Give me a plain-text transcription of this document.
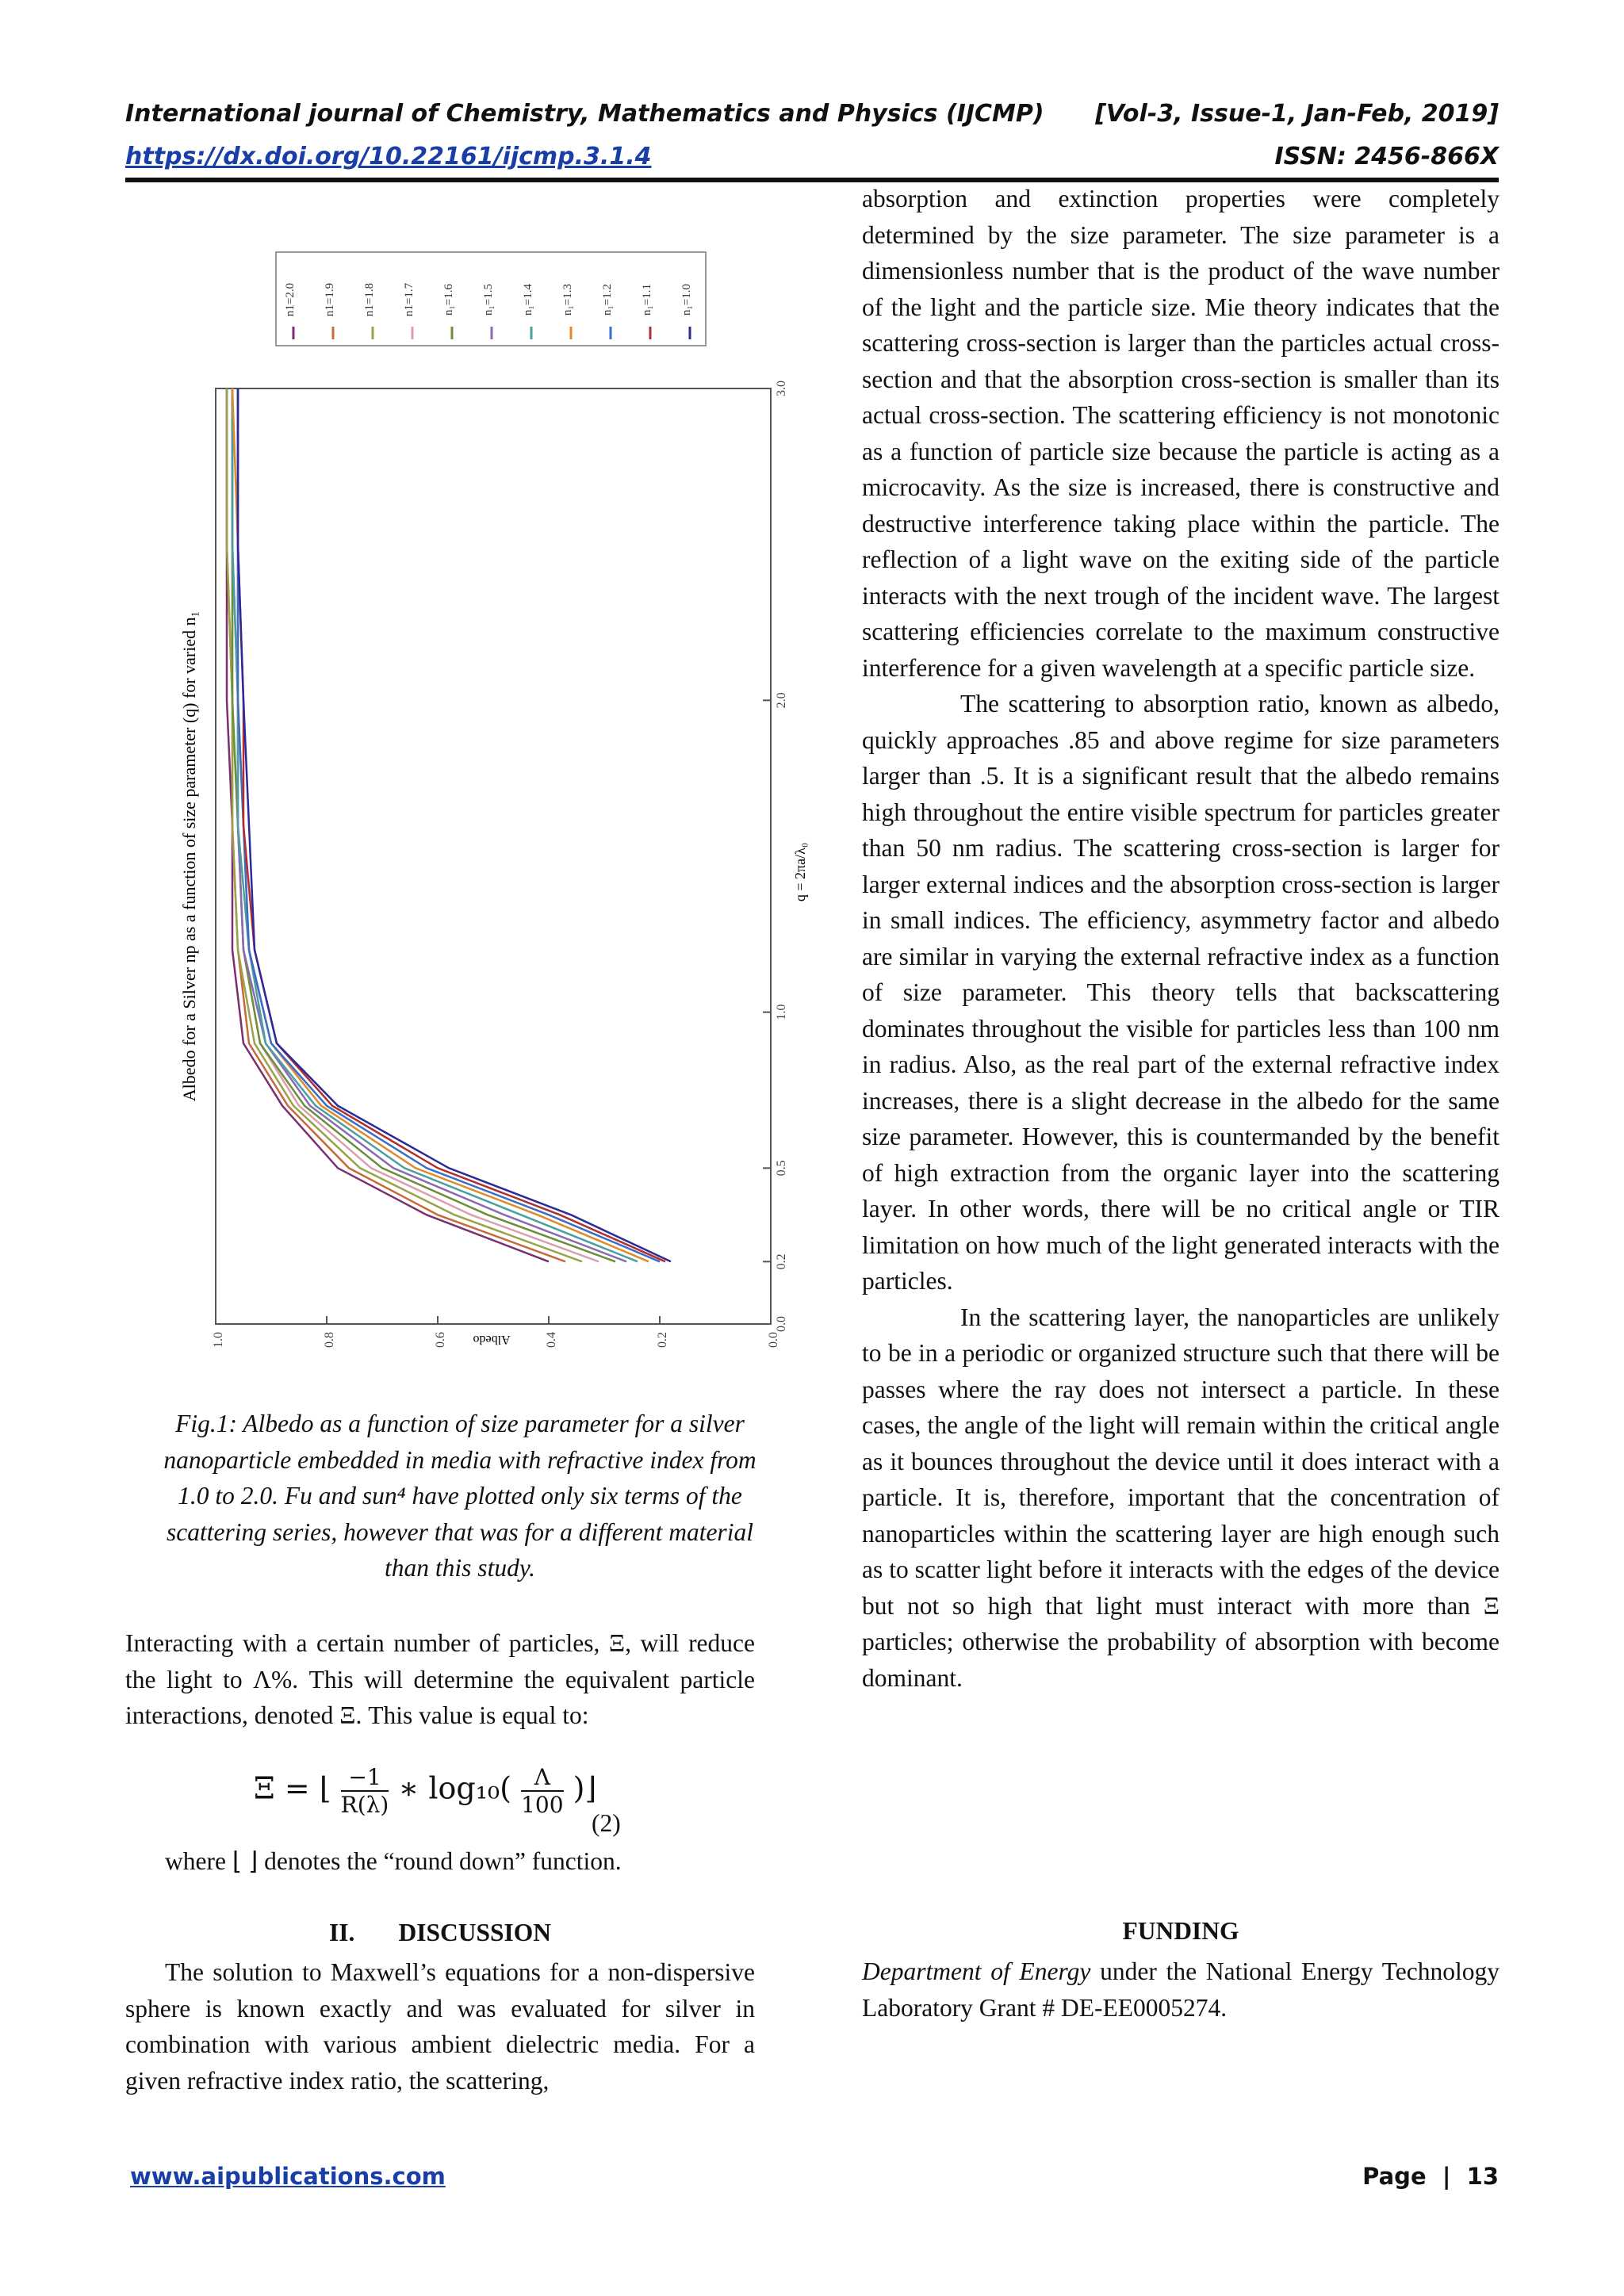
International journal of Chemistry, Mathematics and Physics (IJCMP) [Vol-3, Issue-1, Jan-Feb, 2019]
https://dx.doi.org/10.22161/ijcmp.3.1.4	ISSN: 2456-866X
n1=2.0 n1=1.9 n1=1.8 n1=1.7 n₁=1.6 n₁=1.5 n₁=1.4 n₁=1.3 n₁=1.2 n₁=1.1 n₁=1.0
1.0	0.8	0.6	0.4	0.2	0.0
0.0
0.2
0.5
1.0
2.0
3.0
Albedo for a Silver np as a function of size parameter (q) for varied n₁	q = 2πa/λ₀
Albedo
Fig.1: Albedo as a function of size parameter for a silver nanoparticle embedded in media with refractive index from 1.0 to 2.0. Fu and sun⁴ have plotted only six terms of the scattering series, however that was for a different material than this study.
Interacting with a certain number of particles, Ξ, will reduce the light to Λ%. This will determine the equivalent particle interactions, denoted Ξ. This value is equal to:
Ξ = ⌊ $\frac{-1}{R(\lambda)}$ ∗ $\log_{10}( \frac{\Lambda}{100}$ )⌋
(2)
where ⌊ ⌋ denotes the “round down” function.
II.       DISCUSSION
The solution to Maxwell’s equations for a non-dispersive sphere is known exactly and was evaluated for silver in combination with various ambient dielectric media. For a given refractive index ratio, the scattering,

absorption and extinction properties were completely determined by the size parameter. The size parameter is a dimensionless number that is the product of the wave number of the light and the particle size. Mie theory indicates that the scattering cross-section is larger than the particles actual cross-section and that the absorption cross-section is smaller than its actual cross-section. The scattering efficiency is not monotonic as a function of particle size because the particle is acting as a microcavity. As the size is increased, there is constructive and destructive interference taking place within the particle. The reflection of a light wave on the exiting side of the particle interacts with the next trough of the incident wave. The largest scattering efficiencies correlate to the maximum constructive interference for a given wavelength at a specific particle size.

The scattering to absorption ratio, known as albedo, quickly approaches .85 and above regime for size parameters larger than .5. It is a significant result that the albedo remains high throughout the entire visible spectrum for particles greater than 50 nm radius. The scattering cross-section is larger for larger external indices and the absorption cross-section is larger in small indices. The efficiency, asymmetry factor and albedo are similar in varying the external refractive index as a function of size parameter. This theory tells that backscattering dominates throughout the visible for particles less than 100 nm in radius. Also, as the real part of the external refractive index increases, there is a slight decrease in the albedo for the same size parameter. However, this is countermanded by the benefit of high extraction from the organic layer into the scattering layer. In other words, there will be no critical angle or TIR limitation on how much of the light generated interacts with the particles.

In the scattering layer, the nanoparticles are unlikely to be in a periodic or organized structure such that there will be passes where the ray does not intersect a particle. In these cases, the angle of the light will remain within the critical angle as it bounces throughout the device until it does interact with a particle. It is, therefore, important that the concentration of nanoparticles within the scattering layer are high enough such as to scatter light before it interacts with the edges of the device but not so high that light must interact with more than Ξ particles; otherwise the probability of absorption with become dominant.

FUNDING
Department of Energy under the National Energy Technology Laboratory Grant # DE-EE0005274.
www.aipublications.com	Page  |  13
